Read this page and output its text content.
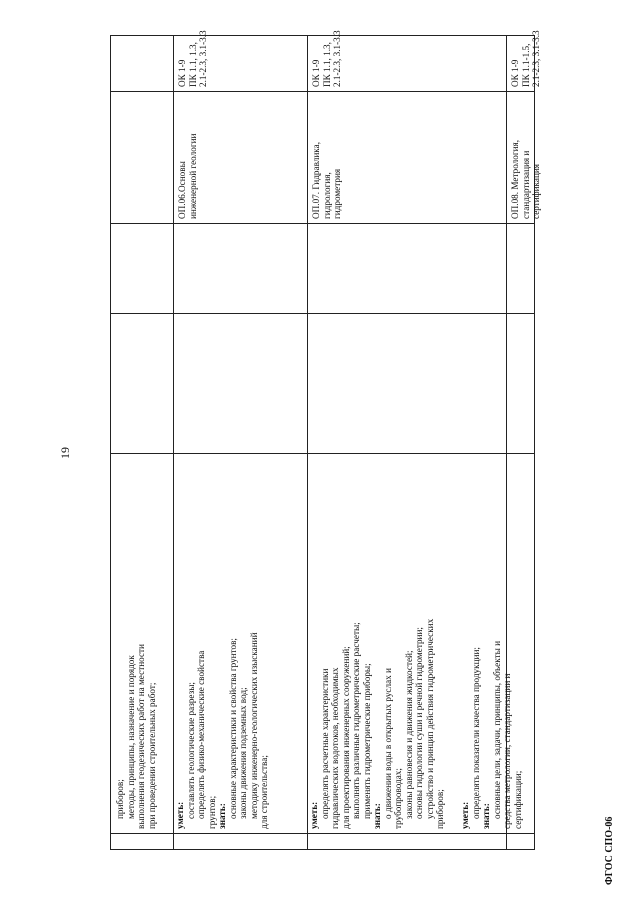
19
приборов; методы, принципы, назначение и порядок выполнения геодезических работ на местности при проведении строительных работ; уметь: составлять геологические разрезы; определять физико-механические свойства грунтов; знать: основные характеристики и свойства грунтов; законы движения подземных вод; методику инженерно-геологических изысканий для строительства;
ОП.06.Основы инженерной геологии
ОК 1-9 ПК 1.1, 1.3, 2.1-2.3, 3.1-3.3
уметь: определять расчетные характеристики гидравлических водотоков, необходимых для проектирования инженерных сооружений; выполнять различные гидрометрические расчеты; применять гидрометрические приборы; знать: о движении воды в открытых руслах и трубопроводах; законы равновесия и движения жидкостей; основы гидрологии суши и речной гидрометрии; устройство и принцип действия гидрометрических приборов;
ОП.07. Гидравлика, гидрология, гидрометрия
ОК 1-9 ПК 1.1, 1.3, 2.1-2.3, 3.1-3.3
уметь: определять показатели качества продукции; знать: основные цели, задачи, принципы, объекты и средства метрологии, стандартизации и сертификации;
ОП.08. Метрология, стандартизация и сертификация
ОК 1-9 ПК 1.1-1.5, 2.1-2.3, 3.1-3.3
ФГОС СПО-06
